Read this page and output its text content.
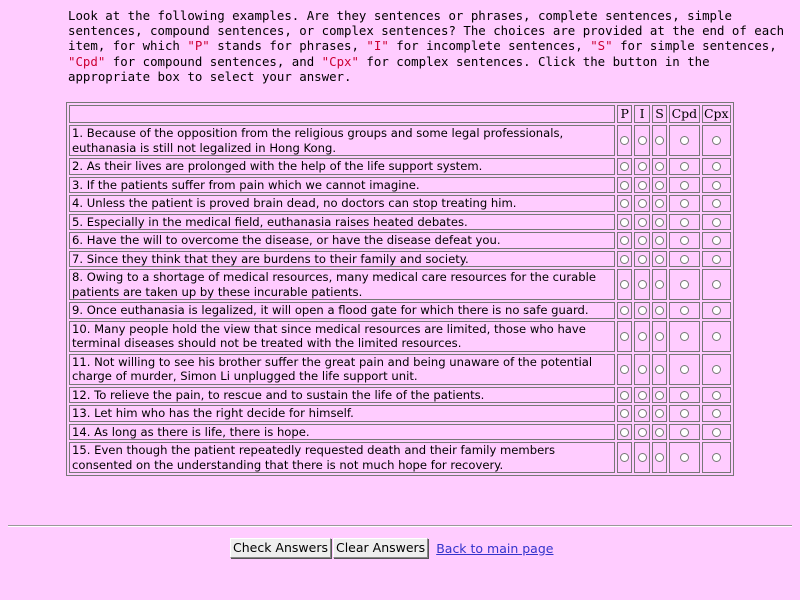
Look at the following examples. Are they sentences or phrases, complete sentences, simple sentences, compound sentences, or complex sentences? The choices are provided at the end of each item, for which "P" stands for phrases, "I" for incomplete sentences, "S" for simple sentences, "Cpd" for compound sentences, and "Cpx" for complex sentences. Click the button in the appropriate box to select your answer.
	P	I	S	Cpd	Cpx
1. Because of the opposition from the religious groups and some legal professionals, euthanasia is still not legalized in Hong Kong.					
2. As their lives are prolonged with the help of the life support system.					
3. If the patients suffer from pain which we cannot imagine.					
4. Unless the patient is proved brain dead, no doctors can stop treating him.					
5. Especially in the medical field, euthanasia raises heated debates.					
6. Have the will to overcome the disease, or have the disease defeat you.					
7. Since they think that they are burdens to their family and society.					
8. Owing to a shortage of medical resources, many medical care resources for the curable patients are taken up by these incurable patients.					
9. Once euthanasia is legalized, it will open a flood gate for which there is no safe guard.					
10. Many people hold the view that since medical resources are limited, those who have terminal diseases should not be treated with the limited resources.					
11. Not willing to see his brother suffer the great pain and being unaware of the potential charge of murder, Simon Li unplugged the life support unit.					
12. To relieve the pain, to rescue and to sustain the life of the patients.					
13. Let him who has the right decide for himself.					
14. As long as there is life, there is hope.					
15. Even though the patient repeatedly requested death and their family members consented on the understanding that there is not much hope for recovery.					
Check Answers Clear Answers Back to main page
